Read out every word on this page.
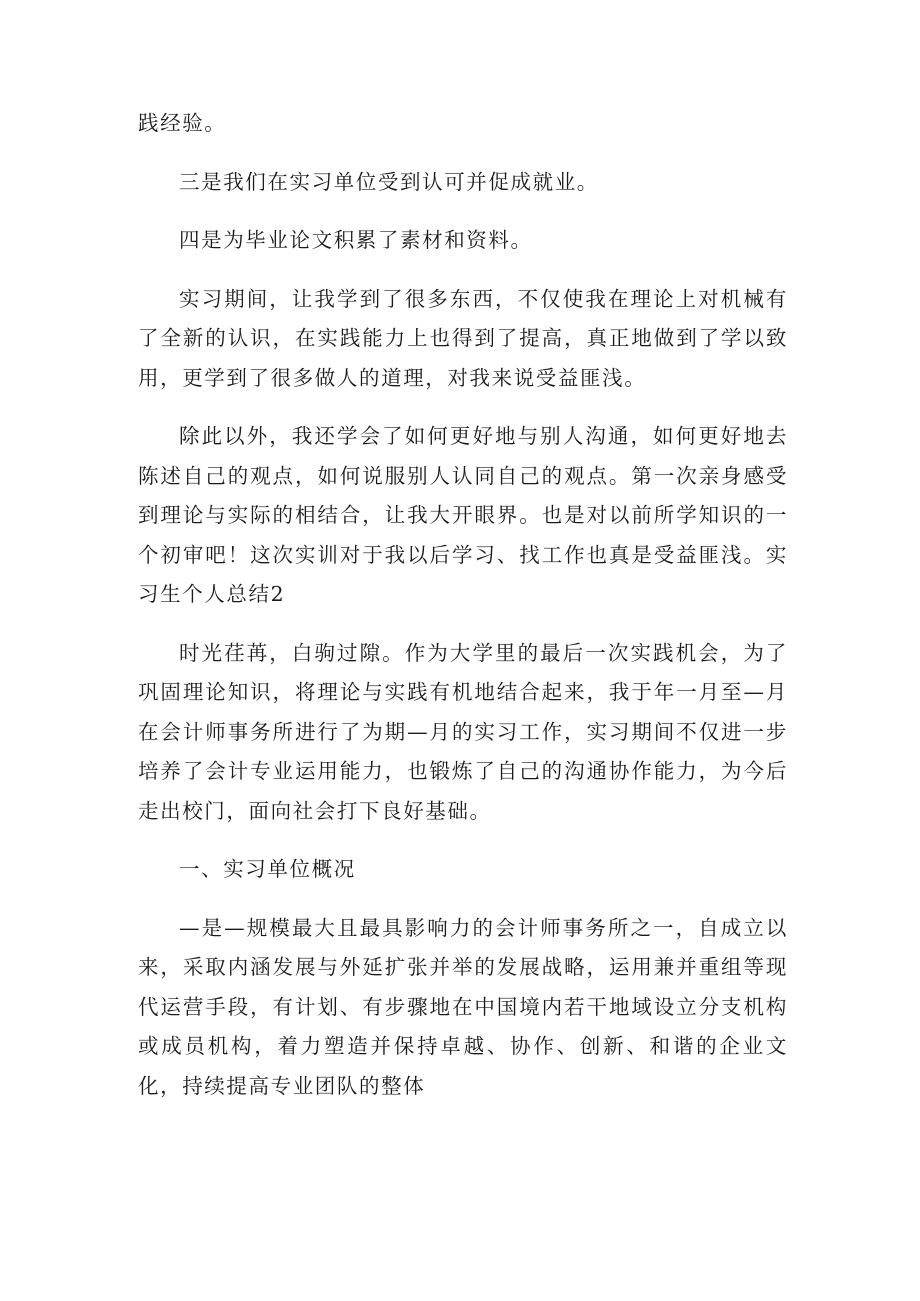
践经验。

三是我们在实习单位受到认可并促成就业。

四是为毕业论文积累了素材和资料。

实习期间，让我学到了很多东西，不仅使我在理论上对机械有了全新的认识，在实践能力上也得到了提高，真正地做到了学以致用，更学到了很多做人的道理，对我来说受益匪浅。

除此以外，我还学会了如何更好地与别人沟通，如何更好地去陈述自己的观点，如何说服别人认同自己的观点。第一次亲身感受到理论与实际的相结合，让我大开眼界。也是对以前所学知识的一个初审吧！这次实训对于我以后学习、找工作也真是受益匪浅。实习生个人总结2

时光荏苒，白驹过隙。作为大学里的最后一次实践机会，为了巩固理论知识，将理论与实践有机地结合起来，我于年一月至—月在会计师事务所进行了为期—月的实习工作，实习期间不仅进一步培养了会计专业运用能力，也锻炼了自己的沟通协作能力，为今后走出校门，面向社会打下良好基础。

一、实习单位概况

—是—规模最大且最具影响力的会计师事务所之一，自成立以来，采取内涵发展与外延扩张并举的发展战略，运用兼并重组等现代运营手段，有计划、有步骤地在中国境内若干地域设立分支机构或成员机构，着力塑造并保持卓越、协作、创新、和谐的企业文化，持续提高专业团队的整体
